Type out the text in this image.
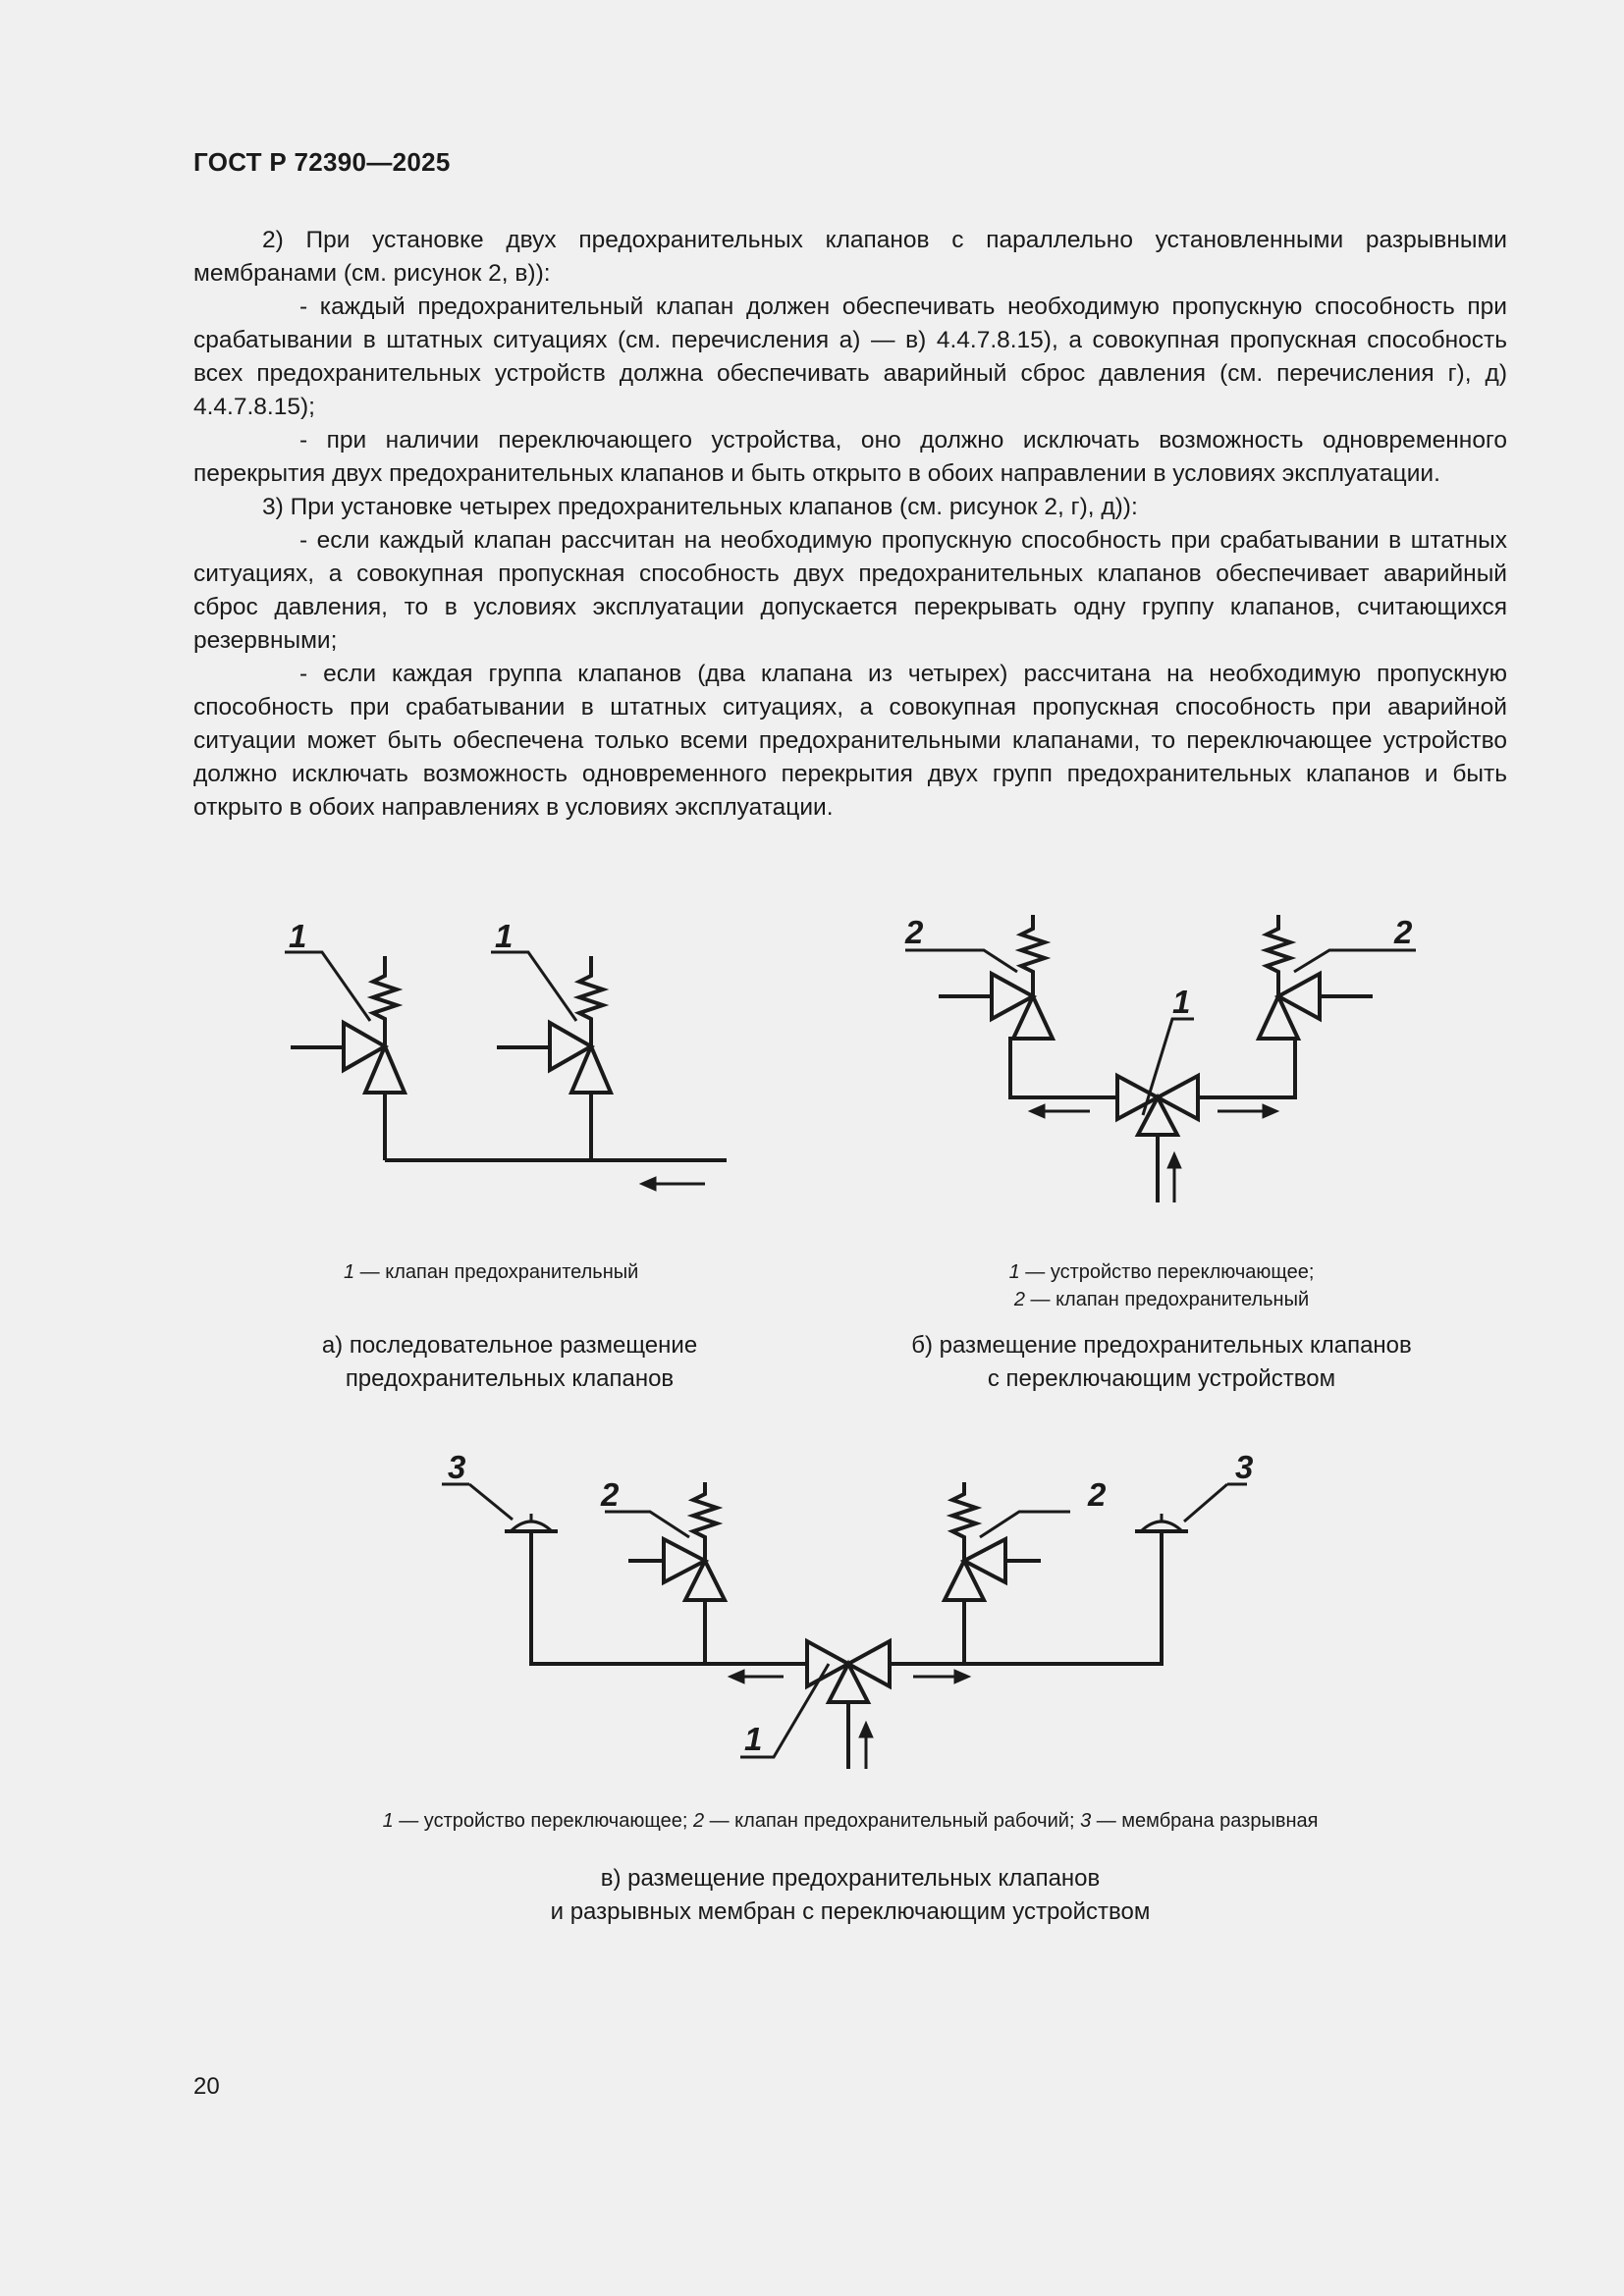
ГОСТ Р 72390—2025

2) При установке двух предохранительных клапанов с параллельно установленными разрывными мембранами (см. рисунок 2, в)):

- каждый предохранительный клапан должен обеспечивать необходимую пропускную способность при срабатывании в штатных ситуациях (см. перечисления а) — в) 4.4.7.8.15), а совокупная пропускная способность всех предохранительных устройств должна обеспечивать аварийный сброс давления (см. перечисления г), д) 4.4.7.8.15);

- при наличии переключающего устройства, оно должно исключать возможность одновременного перекрытия двух предохранительных клапанов и быть открыто в обоих направлении в условиях эксплуатации.

3) При установке четырех предохранительных клапанов (см. рисунок 2, г), д)):

- если каждый клапан рассчитан на необходимую пропускную способность при срабатывании в штатных ситуациях, а совокупная пропускная способность двух предохранительных клапанов обеспечивает аварийный сброс давления, то в условиях эксплуатации допускается перекрывать одну группу клапанов, считающихся резервными;

- если каждая группа клапанов (два клапана из четырех) рассчитана на необходимую пропускную способность при срабатывании в штатных ситуациях, а совокупная пропускная способность при аварийной ситуации может быть обеспечена только всеми предохранительными клапанами, то переключающее устройство должно исключать возможность одновременного перекрытия двух групп предохранительных клапанов и быть открыто в обоих направлениях в условиях эксплуатации.

1	1
1 — клапан предохранительный
а) последовательное размещение
предохранительных клапанов
2
1
2
1 — устройство переключающее;
2 — клапан предохранительный
б) размещение предохранительных клапанов
с переключающим устройством
3
2	2
3
1
1 — устройство переключающее; 2 — клапан предохранительный рабочий; 3 — мембрана разрывная
в) размещение предохранительных клапанов
и разрывных мембран с переключающим устройством
20
